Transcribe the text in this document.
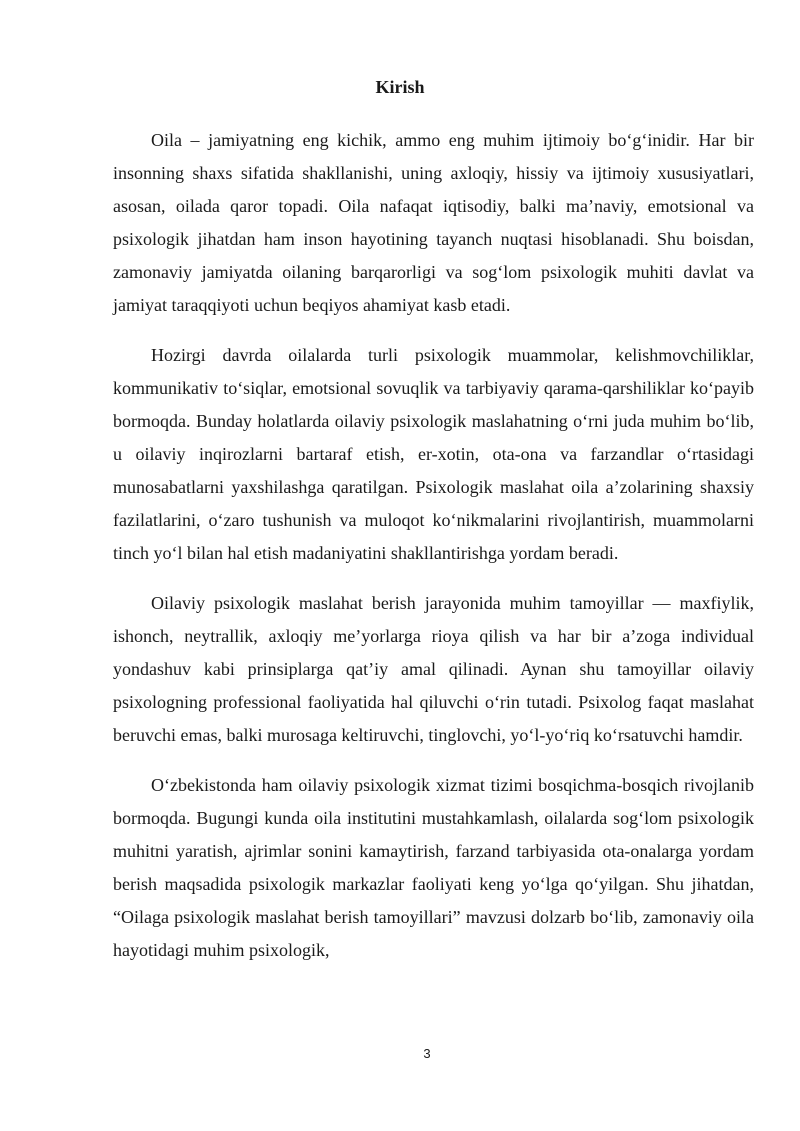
Kirish

Oila – jamiyatning eng kichik, ammo eng muhim ijtimoiy bo‘g‘inidir. Har bir insonning shaxs sifatida shakllanishi, uning axloqiy, hissiy va ijtimoiy xususiyatlari, asosan, oilada qaror topadi. Oila nafaqat iqtisodiy, balki ma’naviy, emotsional va psixologik jihatdan ham inson hayotining tayanch nuqtasi hisoblanadi. Shu boisdan, zamonaviy jamiyatda oilaning barqarorligi va sog‘lom psixologik muhiti davlat va jamiyat taraqqiyoti uchun beqiyos ahamiyat kasb etadi.

Hozirgi davrda oilalarda turli psixologik muammolar, kelishmovchiliklar, kommunikativ to‘siqlar, emotsional sovuqlik va tarbiyaviy qarama-qarshiliklar ko‘payib bormoqda. Bunday holatlarda oilaviy psixologik maslahatning o‘rni juda muhim bo‘lib, u oilaviy inqirozlarni bartaraf etish, er-xotin, ota-ona va farzandlar o‘rtasidagi munosabatlarni yaxshilashga qaratilgan. Psixologik maslahat oila a’zolarining shaxsiy fazilatlarini, o‘zaro tushunish va muloqot ko‘nikmalarini rivojlantirish, muammolarni tinch yo‘l bilan hal etish madaniyatini shakllantirishga yordam beradi.

Oilaviy psixologik maslahat berish jarayonida muhim tamoyillar — maxfiylik, ishonch, neytrallik, axloqiy me’yorlarga rioya qilish va har bir a’zoga individual yondashuv kabi prinsiplarga qat’iy amal qilinadi. Aynan shu tamoyillar oilaviy psixologning professional faoliyatida hal qiluvchi o‘rin tutadi. Psixolog faqat maslahat beruvchi emas, balki murosaga keltiruvchi, tinglovchi, yo‘l-yo‘riq ko‘rsatuvchi hamdir.

O‘zbekistonda ham oilaviy psixologik xizmat tizimi bosqichma-bosqich rivojlanib bormoqda. Bugungi kunda oila institutini mustahkamlash, oilalarda sog‘lom psixologik muhitni yaratish, ajrimlar sonini kamaytirish, farzand tarbiyasida ota-onalarga yordam berish maqsadida psixologik markazlar faoliyati keng yo‘lga qo‘yilgan. Shu jihatdan, “Oilaga psixologik maslahat berish tamoyillari” mavzusi dolzarb bo‘lib, zamonaviy oila hayotidagi muhim psixologik,

3
